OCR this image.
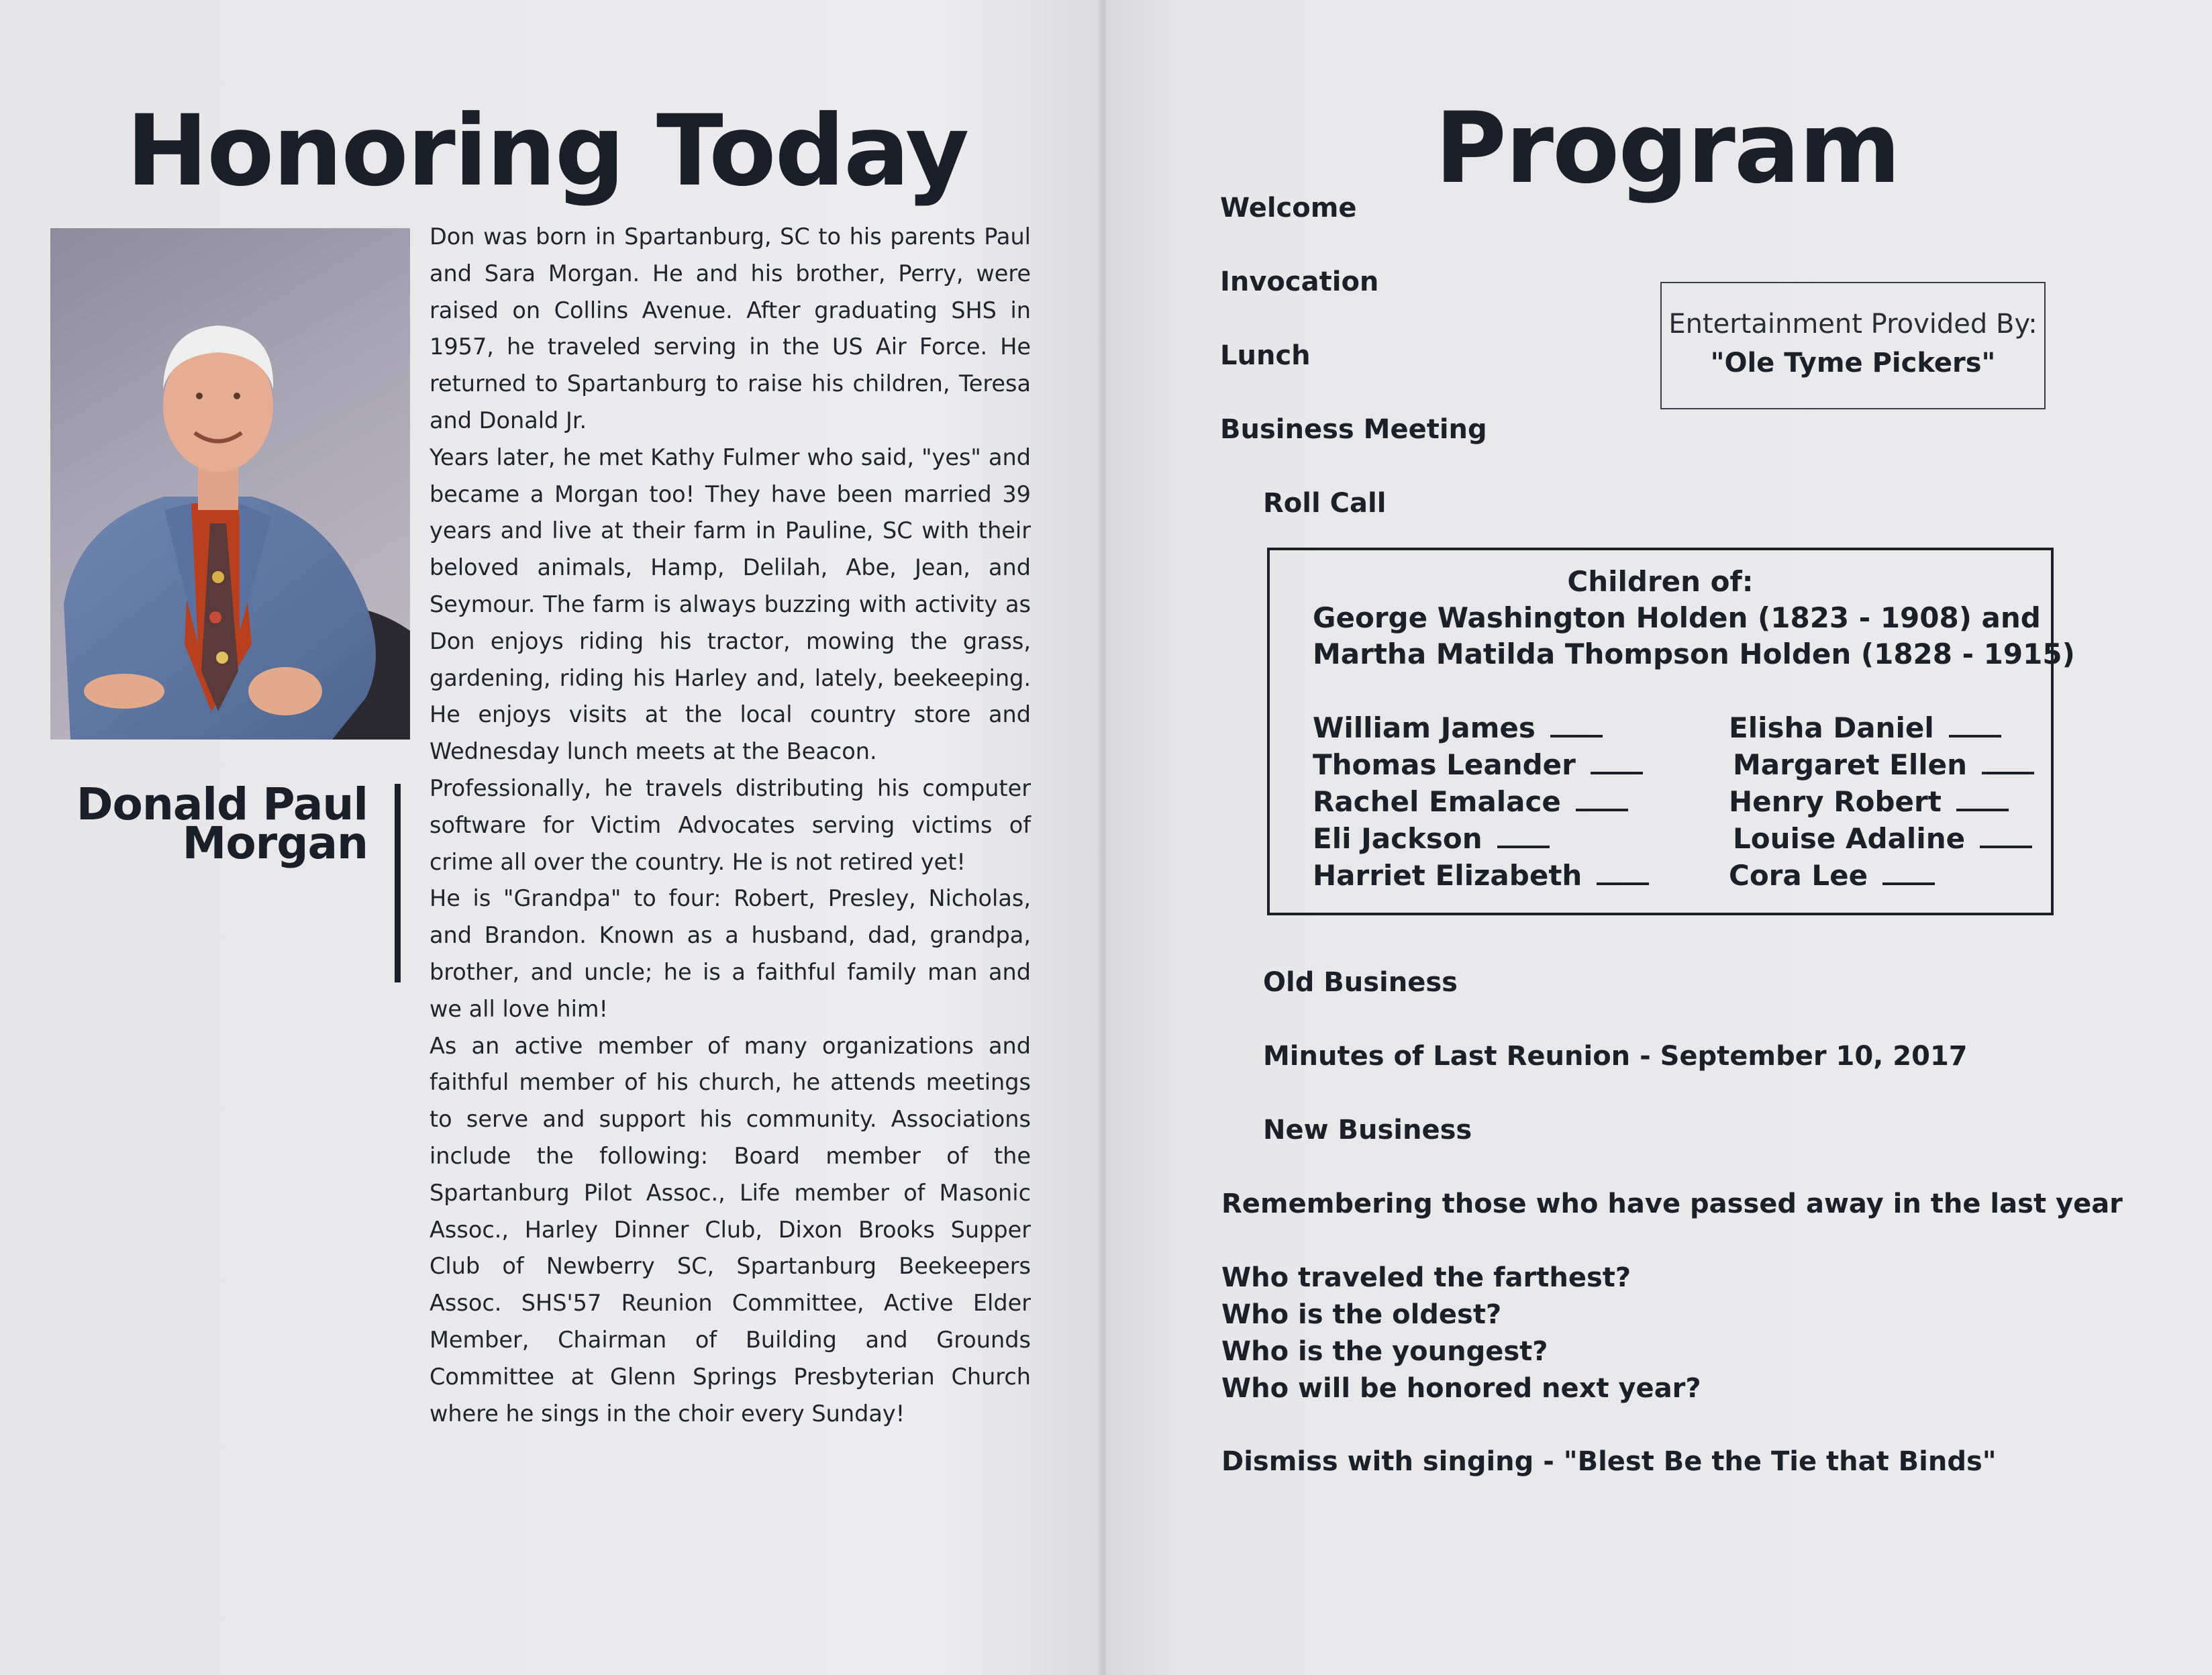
Honoring Today
Donald Paul
Morgan

Don was born in Spartanburg, SC to his parents Paul and Sara Morgan. He and his brother, Perry, were raised on Collins Avenue. After graduating SHS in 1957, he traveled serving in the US Air Force. He returned to Spartanburg to raise his children, Teresa and Donald Jr.

Years later, he met Kathy Fulmer who said, "yes" and became a Morgan too! They have been married 39 years and live at their farm in Pauline, SC with their beloved animals, Hamp, Delilah, Abe, Jean, and Seymour. The farm is always buzzing with activity as Don enjoys riding his tractor, mowing the grass, gardening, riding his Harley and, lately, beekeeping. He enjoys visits at the local country store and Wednesday lunch meets at the Beacon.

Professionally, he travels distributing his computer software for Victim Advocates serving victims of crime all over the country. He is not retired yet!

He is "Grandpa" to four: Robert, Presley, Nicholas, and Brandon. Known as a husband, dad, grandpa, brother, and uncle; he is a faithful family man and we all love him!

As an active member of many organizations and faithful member of his church, he attends meetings to serve and support his community. Associations include the following: Board member of the Spartanburg Pilot Assoc., Life member of Masonic Assoc., Harley Dinner Club, Dixon Brooks Supper Club of Newberry SC, Spartanburg Beekeepers Assoc. SHS'57 Reunion Committee, Active Elder Member, Chairman of Building and Grounds Committee at Glenn Springs Presbyterian Church where he sings in the choir every Sunday!

Program
Welcome
Invocation
Lunch
Business Meeting
Roll Call
Entertainment Provided By:
"Ole Tyme Pickers"
Children of:
George Washington Holden (1823 - 1908) and
Martha Matilda Thompson Holden (1828 - 1915)
William James
Thomas Leander
Rachel Emalace
Eli Jackson
Harriet Elizabeth
Elisha Daniel
Margaret Ellen
Henry Robert
Louise Adaline
Cora Lee
Old Business
Minutes of Last Reunion - September 10, 2017
New Business
Remembering those who have passed away in the last year
Who traveled the farthest?
Who is the oldest?
Who is the youngest?
Who will be honored next year?
Dismiss with singing - "Blest Be the Tie that Binds"
